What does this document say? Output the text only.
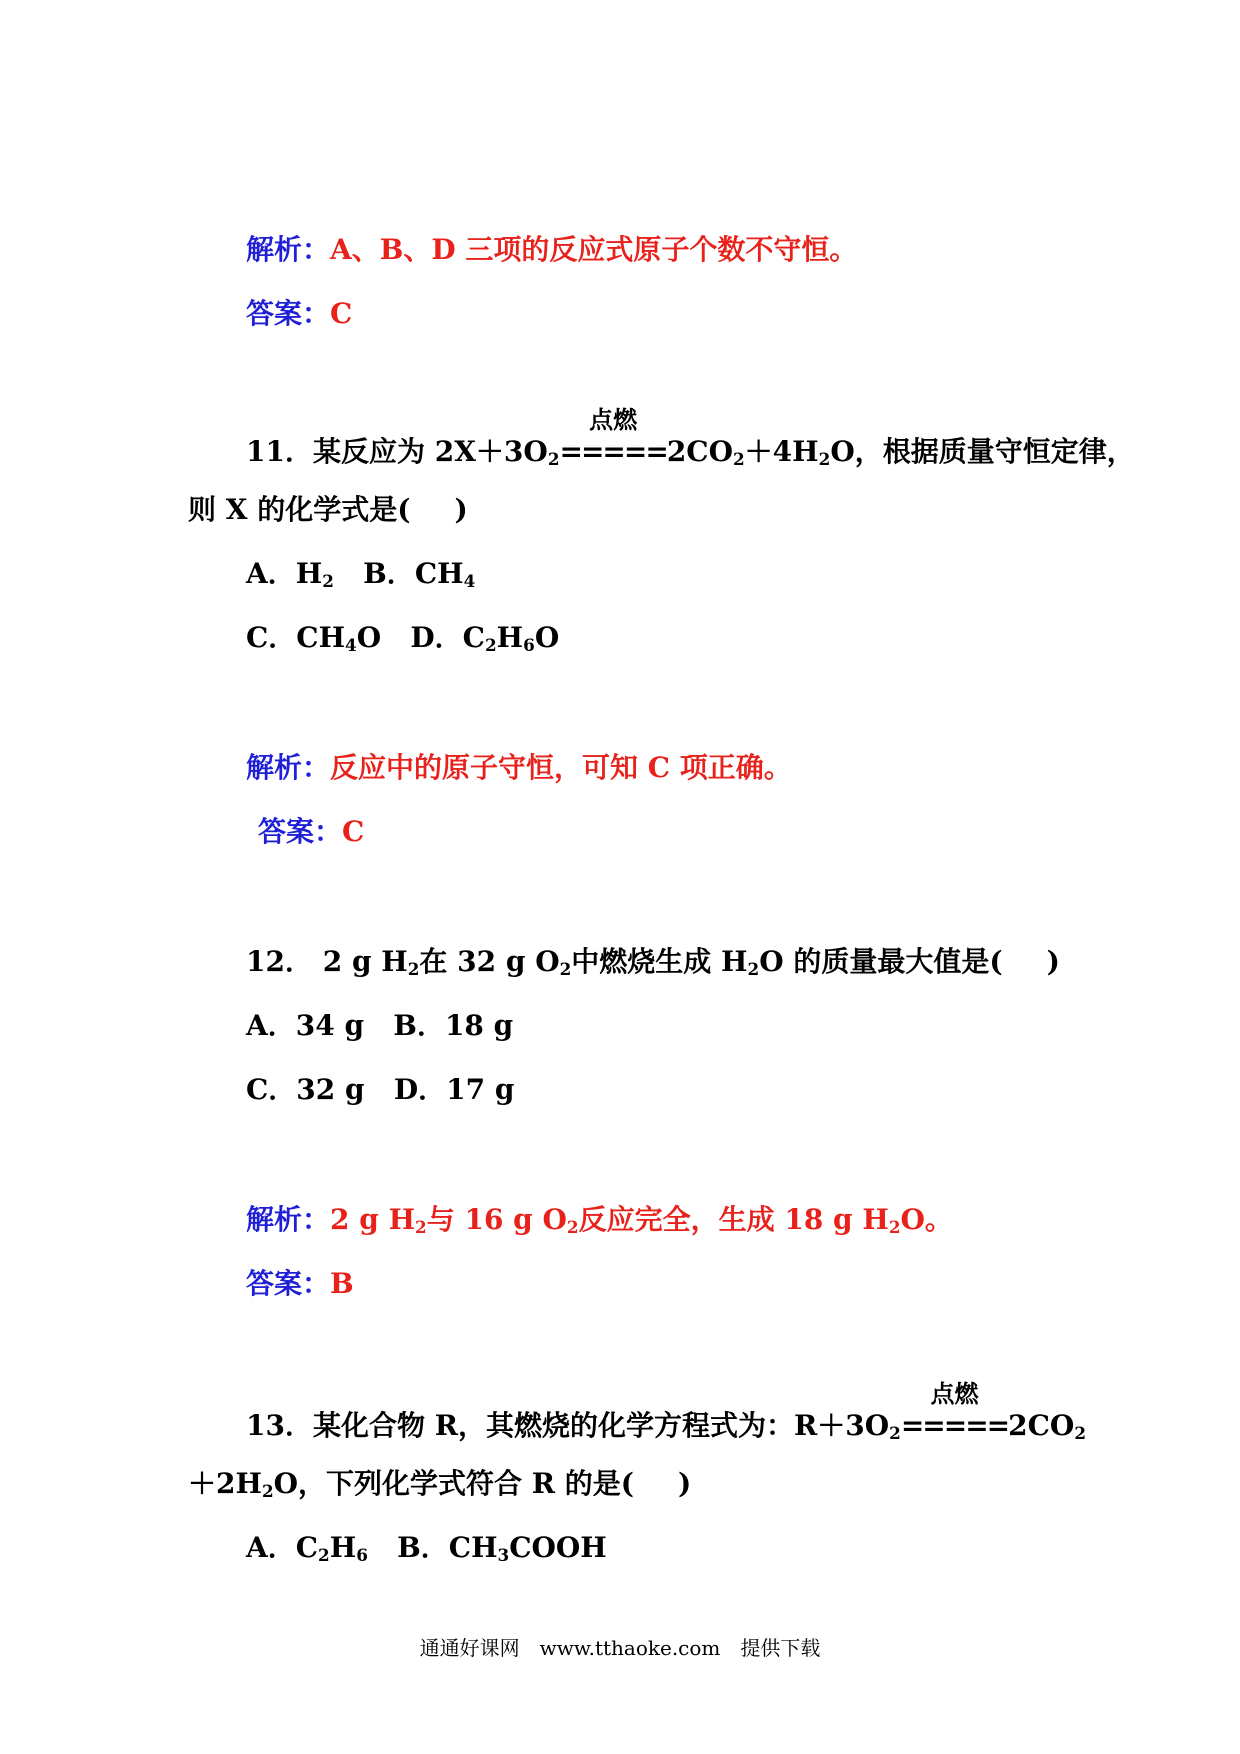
解析：A、B、D 三项的反应式原子个数不守恒。
答案：C
11．某反应为 $2X+3O_2$
点燃
$=====2CO_2+4H_2O$，根据质量守恒定律，
则 X 的化学式是( )
A．$H_2$ B．$CH_4$
C．$CH_4O$ D．$C_2H_6O$
解析：反应中的原子守恒，可知 C 项正确。
答案：C
12． 2 g $H_2$在 32 g $O_2$中燃烧生成 $H_2O$ 的质量最大值是( )
A．34 g B．18 g
C．32 g D．17 g
解析：2 g $H_2$与 16 g $O_2$反应完全，生成 18 g $H_2O$。
答案：B
13．某化合物 R，其燃烧的化学方程式为：$R+3O_2$
点燃
$=====2CO_2$
$+2H_2O$，下列化学式符合 R 的是( )
A．$C_2H_6$ B．$CH_3COOH$
通通好课网　www.tthaoke.com　提供下载
